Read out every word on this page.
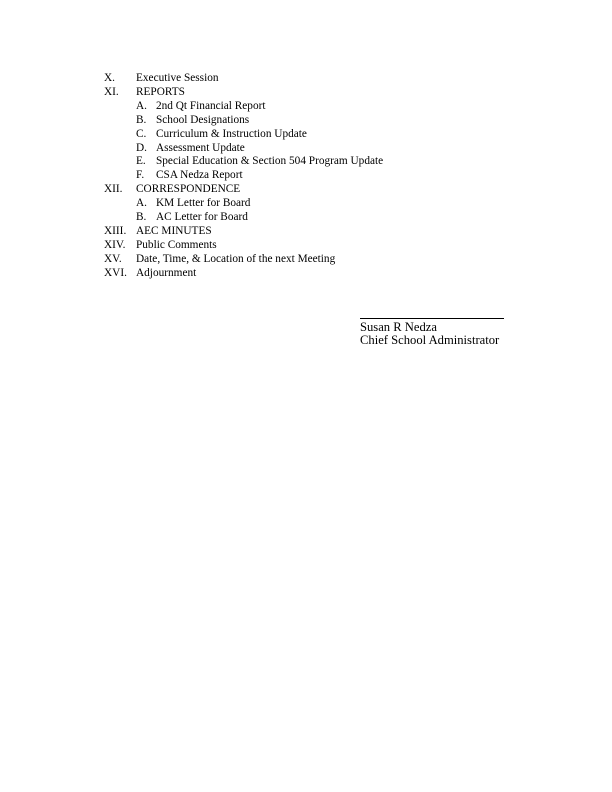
X.	Executive Session
XI.	REPORTS
A. 2nd Qt Financial Report
B. School Designations
C. Curriculum & Instruction Update
D. Assessment Update
E. Special Education & Section 504 Program Update
F.	CSA Nedza Report
XII.	CORRESPONDENCE
A. KM Letter for Board
B. AC Letter for Board
XIII. AEC MINUTES
XIV. Public Comments
XV.	Date, Time, & Location of the next Meeting
XVI. Adjournment
Susan R Nedza
Chief School Administrator
